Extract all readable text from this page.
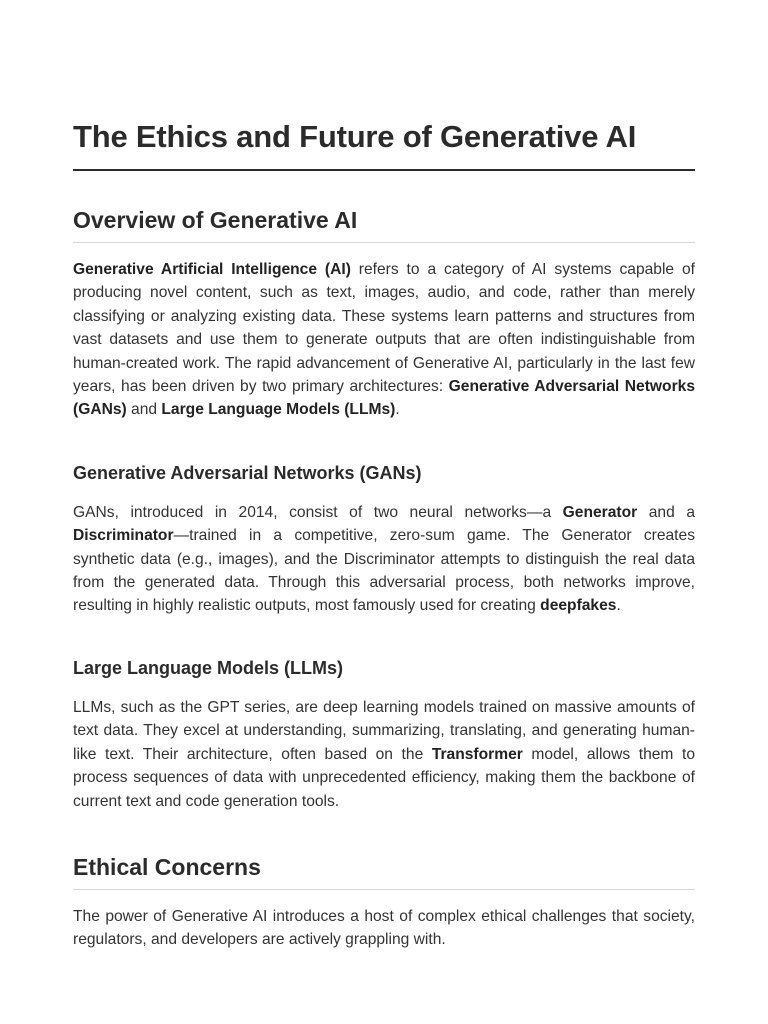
The Ethics and Future of Generative AI
Overview of Generative AI

Generative Artificial Intelligence (AI) refers to a category of AI systems capable of producing novel content, such as text, images, audio, and code, rather than merely classifying or analyzing existing data. These systems learn patterns and structures from vast datasets and use them to generate outputs that are often indistinguishable from human-created work. The rapid advancement of Generative AI, particularly in the last few years, has been driven by two primary architectures: Generative Adversarial Networks (GANs) and Large Language Models (LLMs).

Generative Adversarial Networks (GANs)

GANs, introduced in 2014, consist of two neural networks—a Generator and a Discriminator—trained in a competitive, zero-sum game. The Generator creates synthetic data (e.g., images), and the Discriminator attempts to distinguish the real data from the generated data. Through this adversarial process, both networks improve, resulting in highly realistic outputs, most famously used for creating deepfakes.

Large Language Models (LLMs)

LLMs, such as the GPT series, are deep learning models trained on massive amounts of text data. They excel at understanding, summarizing, translating, and generating human-like text. Their architecture, often based on the Transformer model, allows them to process sequences of data with unprecedented efficiency, making them the backbone of current text and code generation tools.

Ethical Concerns

The power of Generative AI introduces a host of complex ethical challenges that society, regulators, and developers are actively grappling with.
